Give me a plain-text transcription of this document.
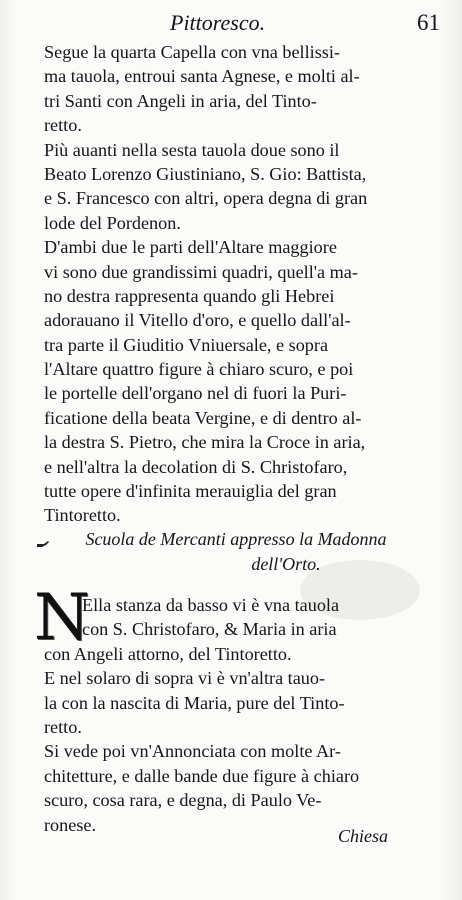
Pittoresco.	61
Segue la quarta Capella con vna bellissi-
ma tauola, entroui santa Agnese, e molti al-
tri Santi con Angeli in aria, del Tinto-
retto.
Più auanti nella sesta tauola doue sono il
Beato Lorenzo Giustiniano, S. Gio: Battista,
e S. Francesco con altri, opera degna di gran
lode del Pordenon.
D'ambi due le parti dell'Altare maggiore
vi sono due grandissimi quadri, quell'a ma-
no destra rappresenta quando gli Hebrei
adorauano il Vitello d'oro, e quello dall'al-
tra parte il Giuditio Vniuersale, e sopra
l'Altare quattro figure à chiaro scuro, e poi
le portelle dell'organo nel di fuori la Puri-
ficatione della beata Vergine, e di dentro al-
la destra S. Pietro, che mira la Croce in aria,
e nell'altra la decolation di S. Christofaro,
tutte opere d'infinita merauiglia del gran
Tintoretto.
Scuola de Mercanti appresso la Madonna
dell'Orto.
N
Ella stanza da basso vi è vna tauola
con S. Christofaro, & Maria in aria
con Angeli attorno, del Tintoretto.
E nel solaro di sopra vi è vn'altra tauo-
la con la nascita di Maria, pure del Tinto-
retto.
Si vede poi vn'Annonciata con molte Ar-
chitetture, e dalle bande due figure à chiaro
scuro, cosa rara, e degna, di Paulo Ve-
ronese.
Chiesa
